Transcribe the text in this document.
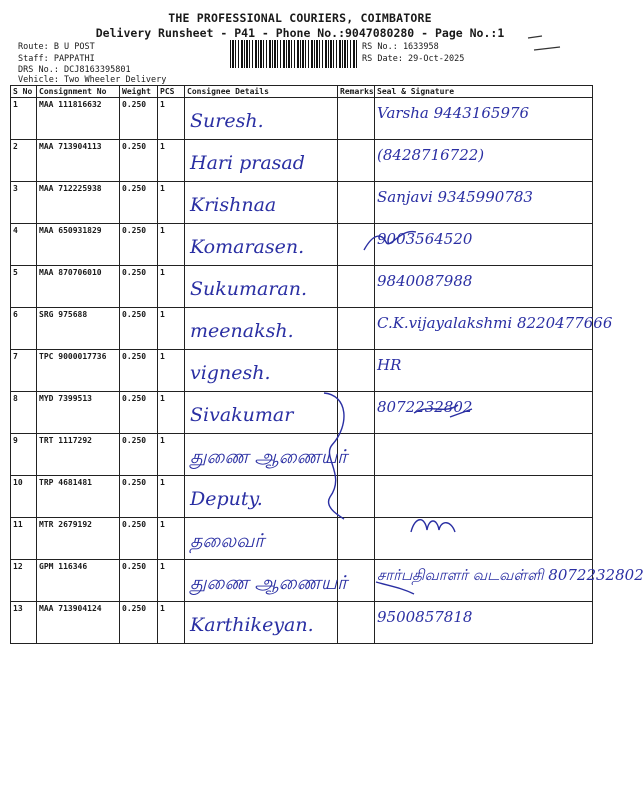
THE PROFESSIONAL COURIERS, COIMBATORE
Delivery Runsheet - P41 - Phone No.:9047080280 - Page No.:1
Route: B U POST
Staff: PAPPATHI
DRS No.: DCJ8163395801
Vehicle: Two Wheeler Delivery
RS No.: 1633958
RS Date: 29-Oct-2025
S No	Consignment No	Weight	PCS	Consignee Details	Remarks	Seal & Signature
1	MAA 111816632	0.250	1	Suresh.		Varsha 9443165976

2	MAA 713904113	0.250	1	Hari prasad		(8428716722)

3	MAA 712225938	0.250	1	Krishnaa		Sanjavi 9345990783

4	MAA 650931829	0.250	1	Komarasen.		9003564520

5	MAA 870706010	0.250	1	Sukumaran.		9840087988

6	SRG 975688	0.250	1	meenaksh.		C.K.vijayalakshmi 8220477666

7	TPC 9000017736	0.250	1	vignesh.		HR

8	MYD 7399513	0.250	1	Sivakumar		8072232802

9	TRT 1117292	0.250	1	துணை ஆணையர்		

10	TRP 4681481	0.250	1	Deputy.		

11	MTR 2679192	0.250	1	தலைவர்		

12	GPM 116346	0.250	1	துணை ஆணையர்		சார்பதிவாளர் வடவள்ளி 8072232802

13	MAA 713904124	0.250	1	Karthikeyan.		9500857818
